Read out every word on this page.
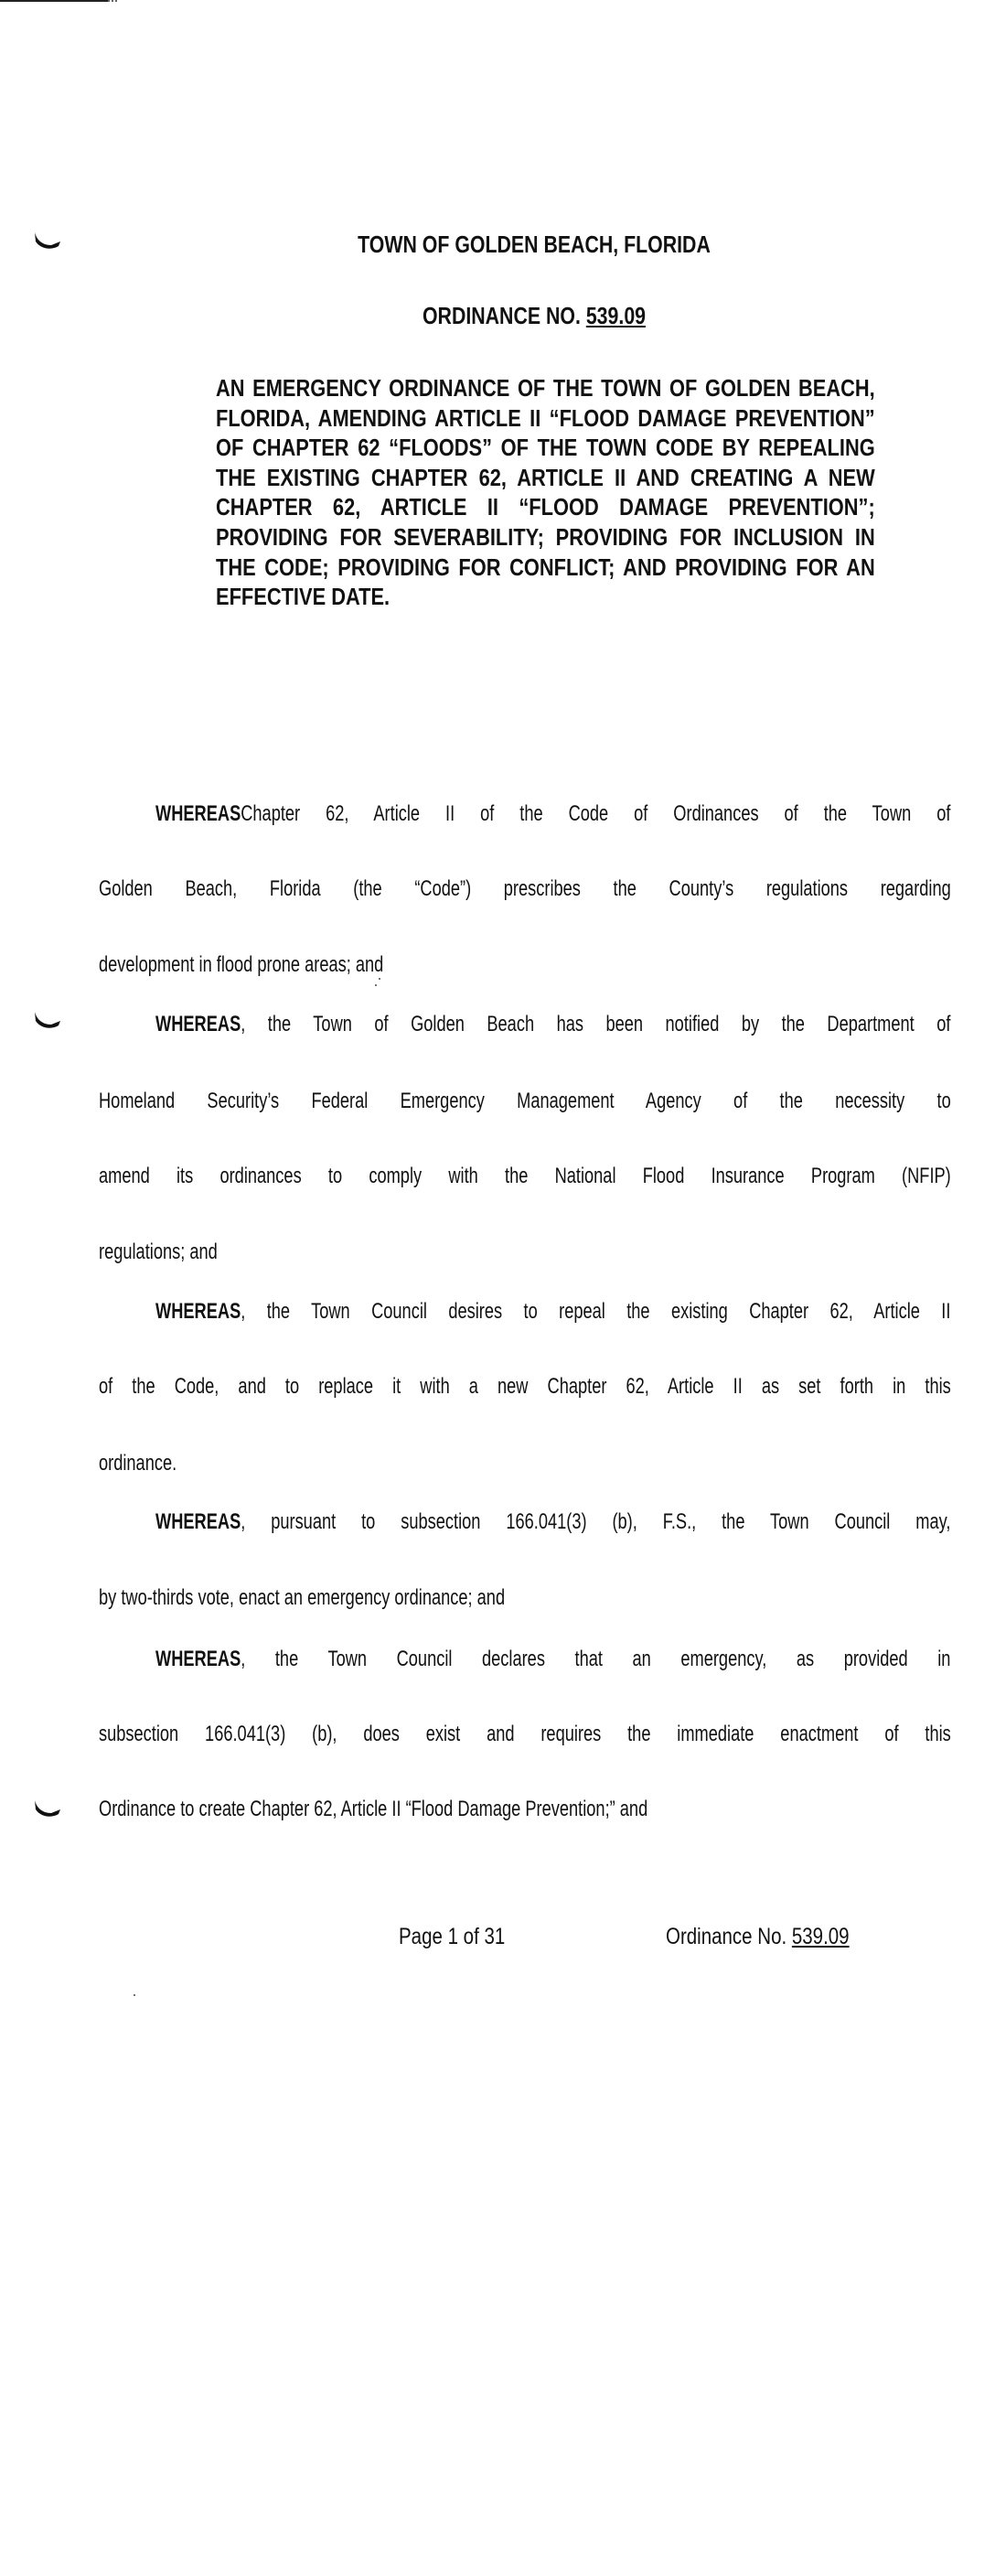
TOWN OF GOLDEN BEACH, FLORIDA
ORDINANCE NO. 539.09
AN EMERGENCY ORDINANCE OF THE TOWN OF GOLDEN BEACH, FLORIDA, AMENDING ARTICLE II “FLOOD DAMAGE PREVENTION” OF CHAPTER 62 “FLOODS” OF THE TOWN CODE BY REPEALING THE EXISTING CHAPTER 62, ARTICLE II AND CREATING A NEW CHAPTER 62, ARTICLE II “FLOOD DAMAGE PREVENTION”; PROVIDING FOR SEVERABILITY; PROVIDING FOR INCLUSION IN THE CODE; PROVIDING FOR CONFLICT; AND PROVIDING FOR AN EFFECTIVE DATE.
WHEREASChapter 62, Article II of the Code of Ordinances of the Town of
Golden Beach, Florida (the “Code”) prescribes the County’s regulations regarding
development in flood prone areas; and
WHEREAS, the Town of Golden Beach has been notified by the Department of
Homeland Security’s Federal Emergency Management Agency of the necessity to
amend its ordinances to comply with the National Flood Insurance Program (NFIP)
regulations; and
WHEREAS, the Town Council desires to repeal the existing Chapter 62, Article II
of the Code, and to replace it with a new Chapter 62, Article II as set forth in this
ordinance.
WHEREAS, pursuant to subsection 166.041(3) (b), F.S., the Town Council may,
by two-thirds vote, enact an emergency ordinance; and
WHEREAS, the Town Council declares that an emergency, as provided in
subsection 166.041(3) (b), does exist and requires the immediate enactment of this
Ordinance to create Chapter 62, Article II “Flood Damage Prevention;” and
Page 1 of 31	Ordinance No. 539.09
